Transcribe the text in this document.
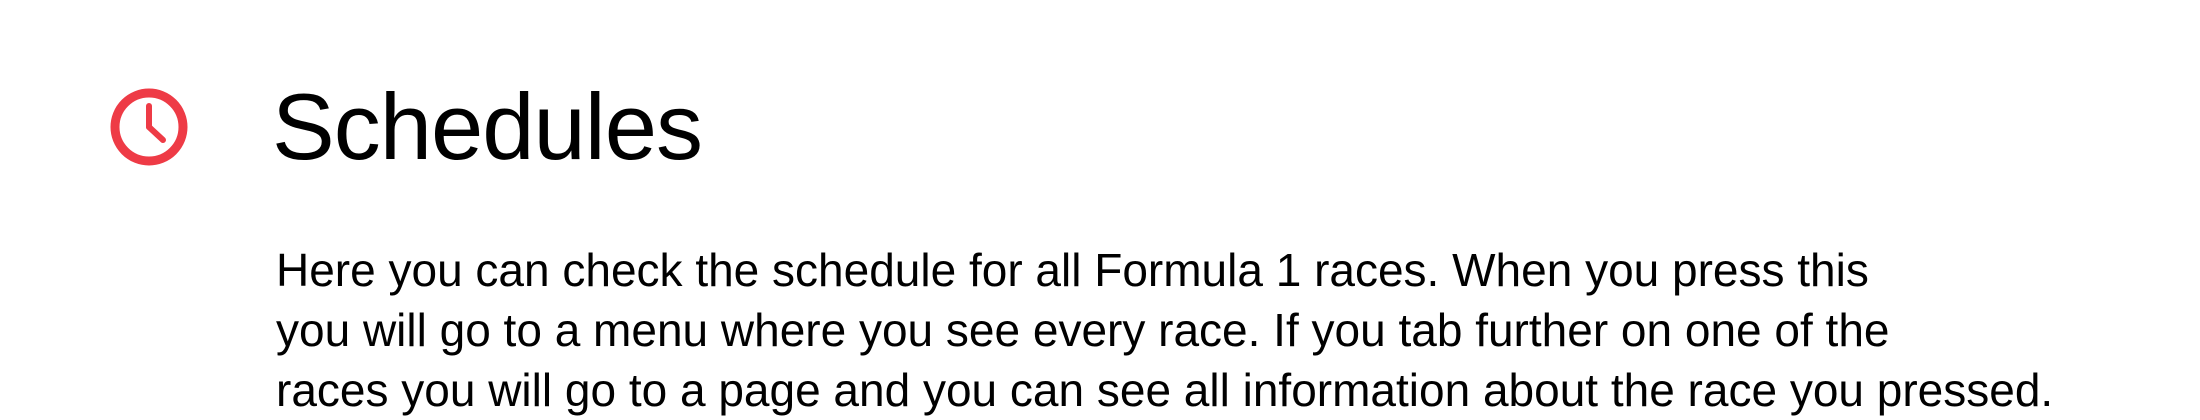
Schedules

Here you can check the schedule for all Formula 1 races. When you press this
you will go to a menu where you see every race. If you tab further on one of the
races you will go to a page and you can see all information about the race you pressed.
